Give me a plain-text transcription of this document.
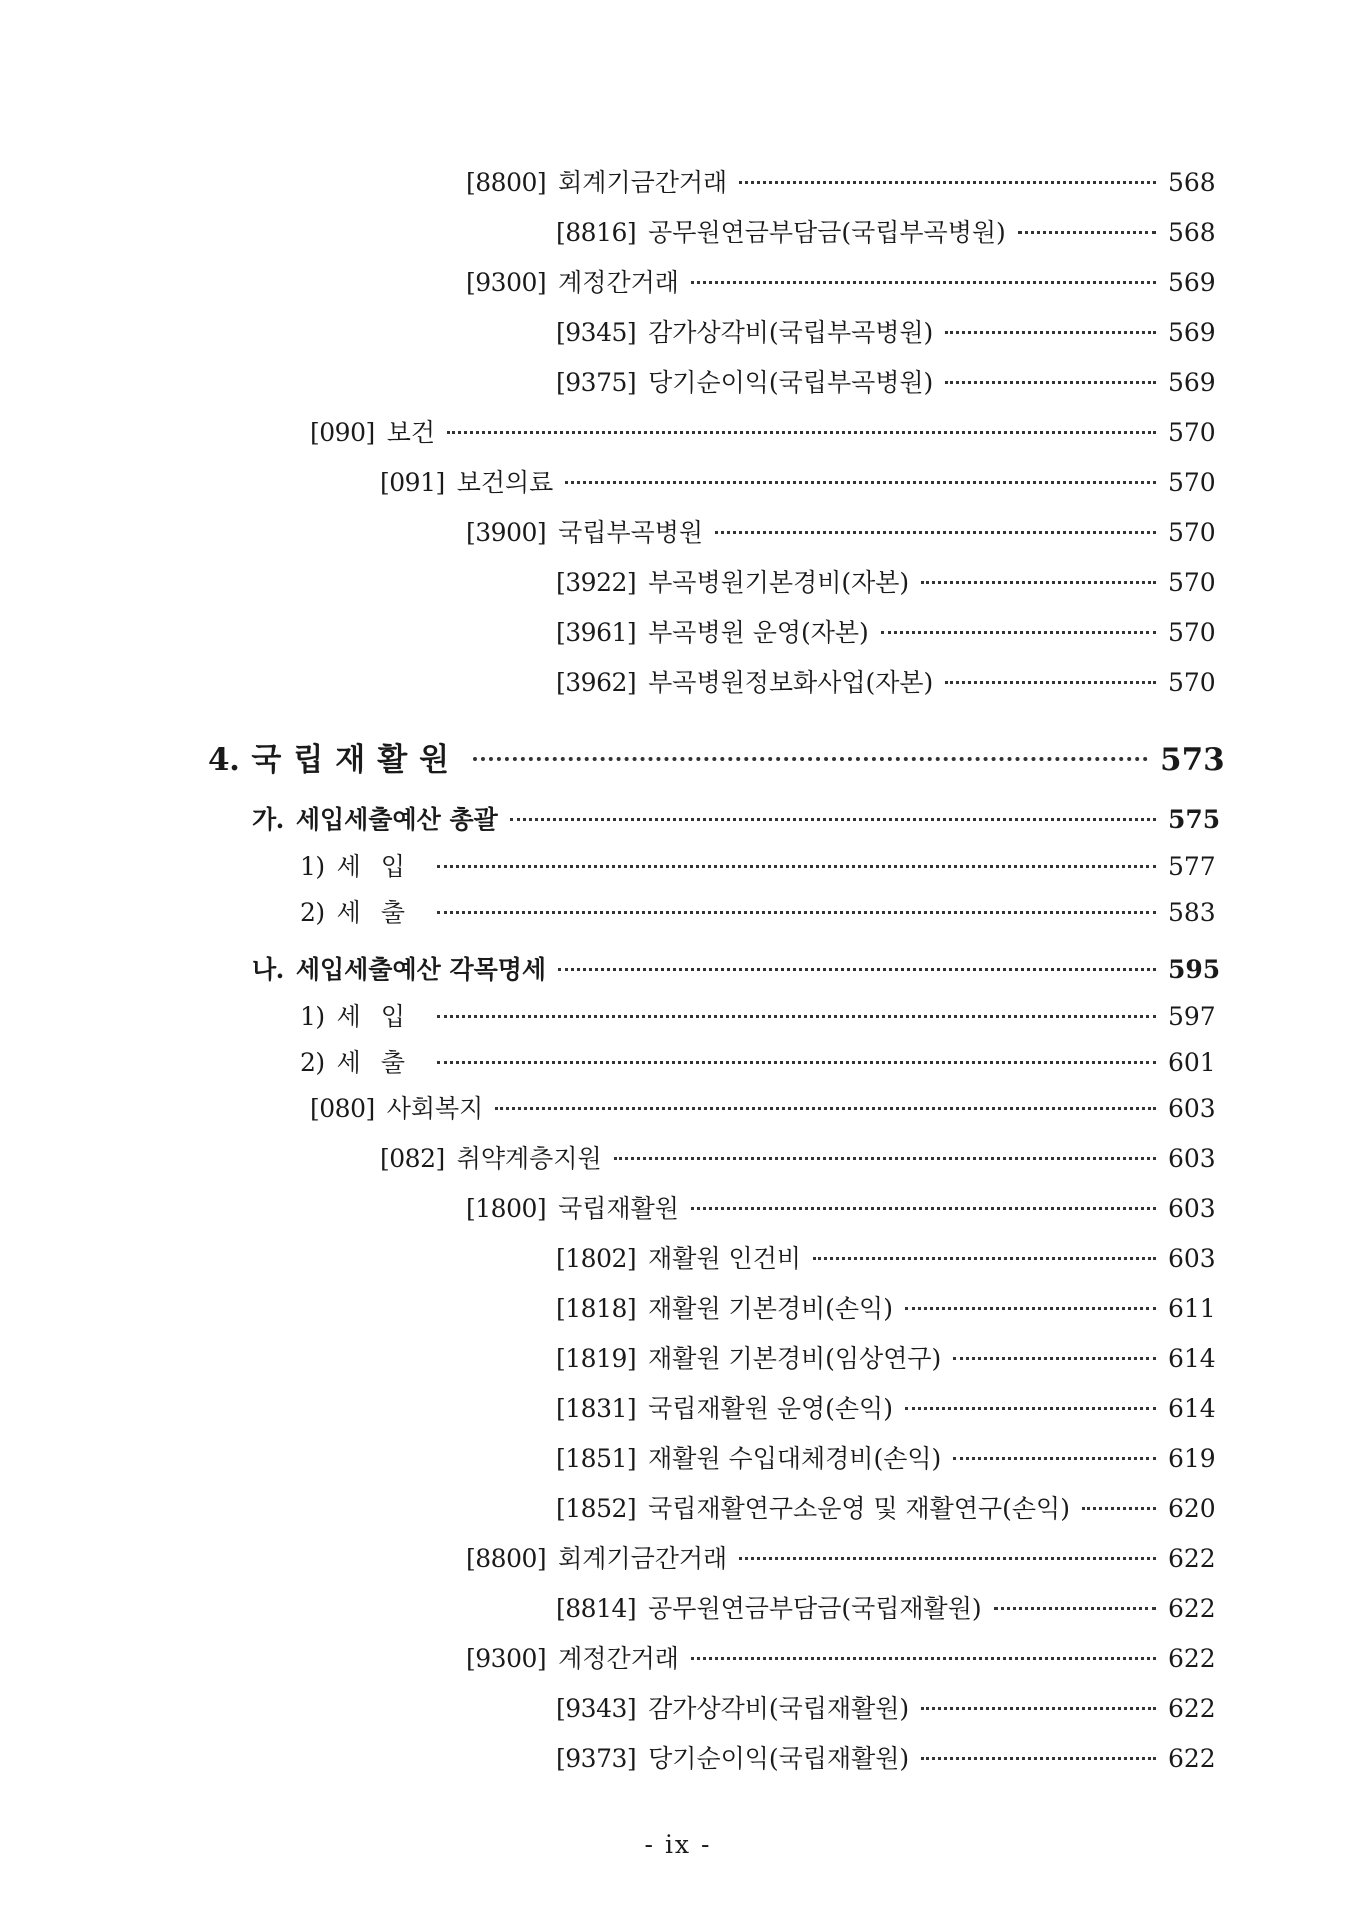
[8800] 회계기금간거래	568
[8816] 공무원연금부담금(국립부곡병원)	568
[9300] 계정간거래	569
[9345] 감가상각비(국립부곡병원)	569
[9375] 당기순이익(국립부곡병원)	569
[090] 보건	570
[091] 보건의료	570
[3900] 국립부곡병원	570
[3922] 부곡병원기본경비(자본)	570
[3961] 부곡병원 운영(자본)	570
[3962] 부곡병원정보화사업(자본)	570
4. 국립재활원	573
가. 세입세출예산 총괄	575
1) 세입	577
2) 세출	583
나. 세입세출예산 각목명세	595
1) 세입	597
2) 세출	601
[080] 사회복지	603
[082] 취약계층지원	603
[1800] 국립재활원	603
[1802] 재활원 인건비	603
[1818] 재활원 기본경비(손익)	611
[1819] 재활원 기본경비(임상연구)	614
[1831] 국립재활원 운영(손익)	614
[1851] 재활원 수입대체경비(손익)	619
[1852] 국립재활연구소운영 및 재활연구(손익)	620
[8800] 회계기금간거래	622
[8814] 공무원연금부담금(국립재활원)	622
[9300] 계정간거래	622
[9343] 감가상각비(국립재활원)	622
[9373] 당기순이익(국립재활원)	622
- ix -
